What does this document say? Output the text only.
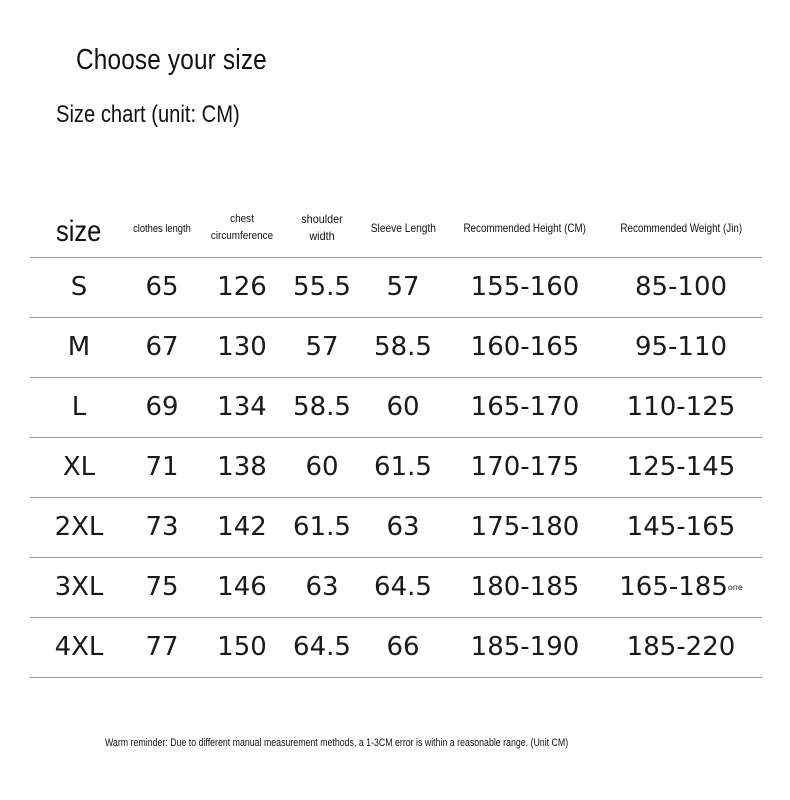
Choose your size
Size chart (unit: CM)
size	clothes length	chest circumference	shoulder width	Sleeve Length	Recommended Height (CM)	Recommended Weight (Jin)
S	65	126	55.5	57	155-160	85-100
M	67	130	57	58.5	160-165	95-110
L	69	134	58.5	60	165-170	110-125
XL	71	138	60	61.5	170-175	125-145
2XL	73	142	61.5	63	175-180	145-165
3XL	75	146	63	64.5	180-185	165-185one
4XL	77	150	64.5	66	185-190	185-220
Warm reminder: Due to different manual measurement methods, a 1-3CM error is within a reasonable range. (Unit CM)
